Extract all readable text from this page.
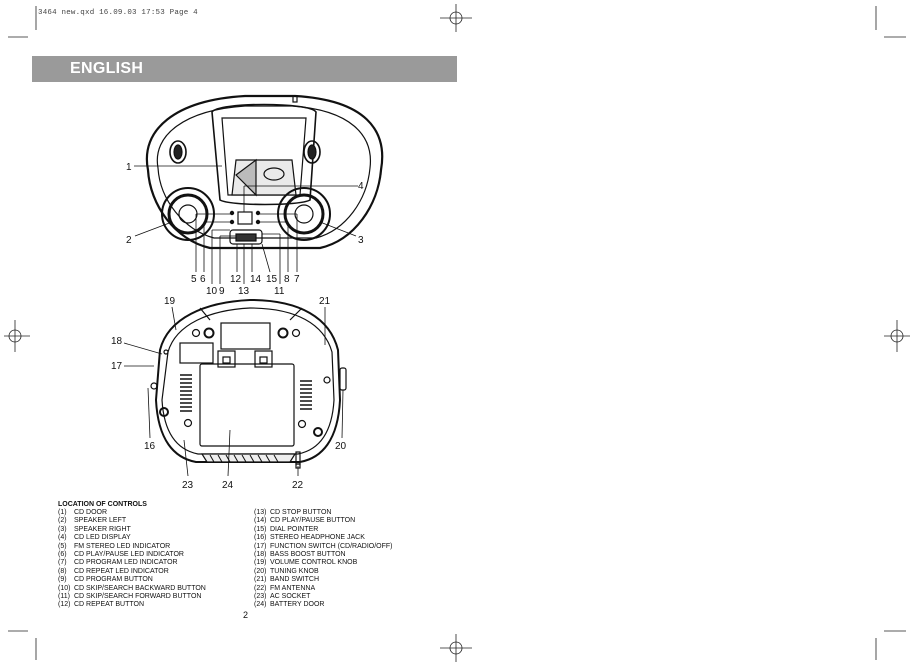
3464 new.qxd 16.09.03 17:53 Page 4
ENGLISH
1
2	3
4
5 6 12 14 15 8 7
10 9 13 11
19	21
18
17
16	20
23	24	22
LOCATION OF CONTROLS
(1) CD DOOR
(2) SPEAKER LEFT
(3) SPEAKER RIGHT
(4) CD LED DISPLAY
(5) FM STEREO LED INDICATOR
(6) CD PLAY/PAUSE LED INDICATOR
(7) CD PROGRAM LED INDICATOR
(8) CD REPEAT LED INDICATOR
(9) CD PROGRAM BUTTON
(10) CD SKIP/SEARCH BACKWARD BUTTON
(11) CD SKIP/SEARCH FORWARD BUTTON
(12) CD REPEAT BUTTON
(13) CD STOP BUTTON
(14) CD PLAY/PAUSE BUTTON
(15) DIAL POINTER
(16) STEREO HEADPHONE JACK
(17) FUNCTION SWITCH (CD/RADIO/OFF)
(18) BASS BOOST BUTTON
(19) VOLUME CONTROL KNOB
(20) TUNING KNOB
(21) BAND SWITCH
(22) FM ANTENNA
(23) AC SOCKET
(24) BATTERY DOOR
2
